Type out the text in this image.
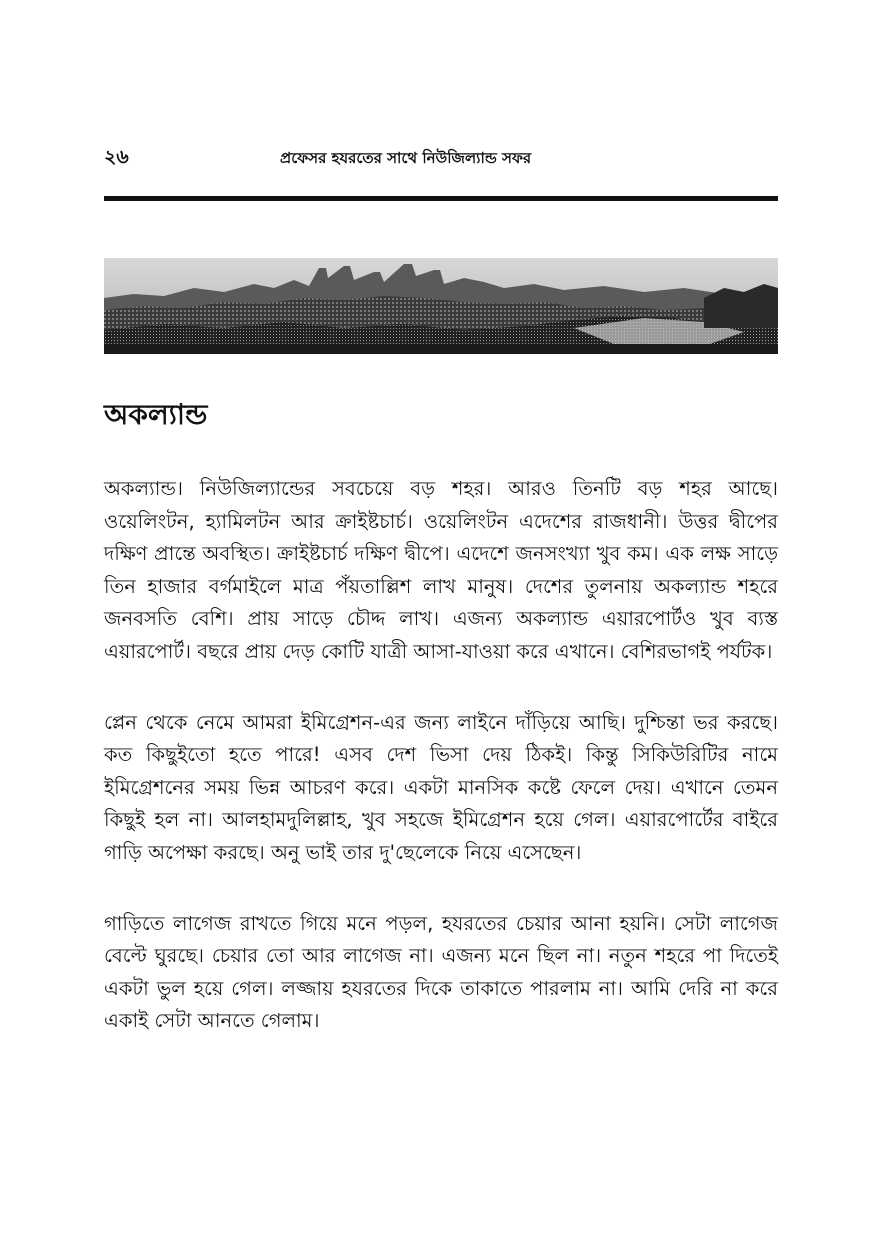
২৬	প্রফেসর হযরতের সাথে নিউজিল্যান্ড সফর
অকল্যান্ড

অকল্যান্ড। নিউজিল্যান্ডের সবচেয়ে বড় শহর। আরও তিনটি বড় শহর আছে। ওয়েলিংটন, হ্যামিলটন আর ক্রাইষ্টচার্চ। ওয়েলিংটন এদেশের রাজধানী। উত্তর দ্বীপের দক্ষিণ প্রান্তে অবস্থিত। ক্রাইষ্টচার্চ দক্ষিণ দ্বীপে। এদেশে জনসংখ্যা খুব কম। এক লক্ষ সাড়ে তিন হাজার বর্গমাইলে মাত্র পঁয়তাল্লিশ লাখ মানুষ। দেশের তুলনায় অকল্যান্ড শহরে জনবসতি বেশি। প্রায় সাড়ে চৌদ্দ লাখ। এজন্য অকল্যান্ড এয়ারপোর্টও খুব ব্যস্ত এয়ারপোর্ট। বছরে প্রায় দেড় কোটি যাত্রী আসা-যাওয়া করে এখানে। বেশিরভাগই পর্যটক।

প্লেন থেকে নেমে আমরা ইমিগ্রেশন-এর জন্য লাইনে দাঁড়িয়ে আছি। দুশ্চিন্তা ভর করছে। কত কিছুইতো হতে পারে! এসব দেশ ভিসা দেয় ঠিকই। কিন্তু সিকিউরিটির নামে ইমিগ্রেশনের সময় ভিন্ন আচরণ করে। একটা মানসিক কষ্টে ফেলে দেয়। এখানে তেমন কিছুই হল না। আলহামদুলিল্লাহ, খুব সহজে ইমিগ্রেশন হয়ে গেল। এয়ারপোর্টের বাইরে গাড়ি অপেক্ষা করছে। অনু ভাই তার দু'ছেলেকে নিয়ে এসেছেন।

গাড়িতে লাগেজ রাখতে গিয়ে মনে পড়ল, হযরতের চেয়ার আনা হয়নি। সেটা লাগেজ বেল্টে ঘুরছে। চেয়ার তো আর লাগেজ না। এজন্য মনে ছিল না। নতুন শহরে পা দিতেই একটা ভুল হয়ে গেল। লজ্জায় হযরতের দিকে তাকাতে পারলাম না। আমি দেরি না করে একাই সেটা আনতে গেলাম।
